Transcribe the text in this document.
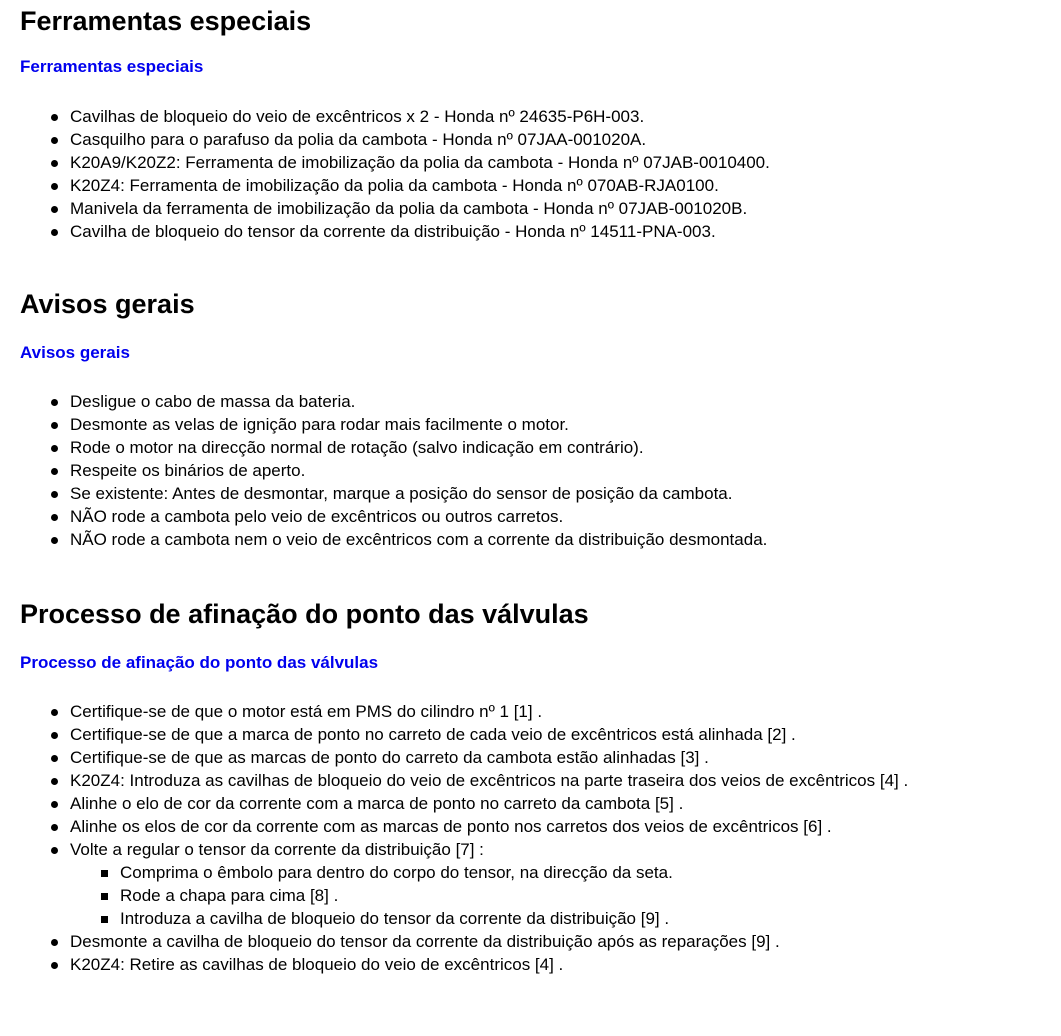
Ferramentas especiais
Ferramentas especiais
Cavilhas de bloqueio do veio de excêntricos x 2 - Honda nº 24635-P6H-003.
Casquilho para o parafuso da polia da cambota - Honda nº 07JAA-001020A.
K20A9/K20Z2: Ferramenta de imobilização da polia da cambota - Honda nº 07JAB-0010400.
K20Z4: Ferramenta de imobilização da polia da cambota - Honda nº 070AB-RJA0100.
Manivela da ferramenta de imobilização da polia da cambota - Honda nº 07JAB-001020B.
Cavilha de bloqueio do tensor da corrente da distribuição - Honda nº 14511-PNA-003.
Avisos gerais
Avisos gerais
Desligue o cabo de massa da bateria.
Desmonte as velas de ignição para rodar mais facilmente o motor.
Rode o motor na direcção normal de rotação (salvo indicação em contrário).
Respeite os binários de aperto.
Se existente: Antes de desmontar, marque a posição do sensor de posição da cambota.
NÃO rode a cambota pelo veio de excêntricos ou outros carretos.
NÃO rode a cambota nem o veio de excêntricos com a corrente da distribuição desmontada.
Processo de afinação do ponto das válvulas
Processo de afinação do ponto das válvulas
Certifique-se de que o motor está em PMS do cilindro nº 1 [1] .
Certifique-se de que a marca de ponto no carreto de cada veio de excêntricos está alinhada [2] .
Certifique-se de que as marcas de ponto do carreto da cambota estão alinhadas [3] .
K20Z4: Introduza as cavilhas de bloqueio do veio de excêntricos na parte traseira dos veios de excêntricos [4] .
Alinhe o elo de cor da corrente com a marca de ponto no carreto da cambota [5] .
Alinhe os elos de cor da corrente com as marcas de ponto nos carretos dos veios de excêntricos [6] .
Volte a regular o tensor da corrente da distribuição [7] :
Comprima o êmbolo para dentro do corpo do tensor, na direcção da seta.
Rode a chapa para cima [8] .
Introduza a cavilha de bloqueio do tensor da corrente da distribuição [9] .
Desmonte a cavilha de bloqueio do tensor da corrente da distribuição após as reparações [9] .
K20Z4: Retire as cavilhas de bloqueio do veio de excêntricos [4] .
